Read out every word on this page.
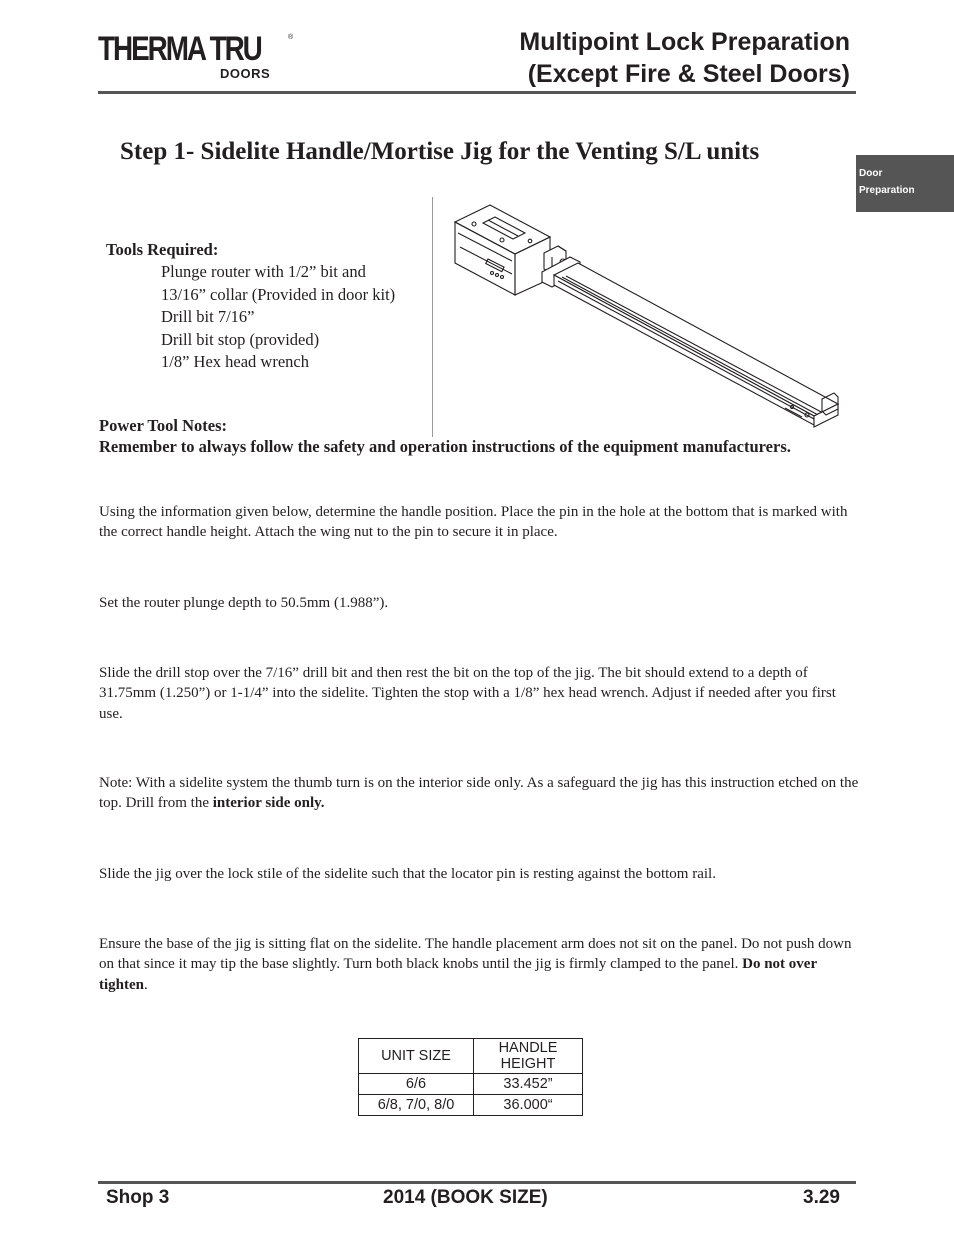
THERMA TRU	®
DOORS
Multipoint Lock Preparation
(Except Fire & Steel Doors)
Door
Preparation
Step 1- Sidelite Handle/Mortise Jig for the Venting S/L units
Tools Required:
Plunge router with 1/2” bit and
13/16” collar (Provided in door kit)
Drill bit 7/16”
Drill bit stop (provided)
1/8” Hex head wrench
Power Tool Notes:
Remember to always follow the safety and operation instructions of the equipment manufacturers.
Using the information given below, determine the handle position. Place the pin in the hole at the bottom that is marked with the correct handle height. Attach the wing nut to the pin to secure it in place.
Set the router plunge depth to 50.5mm (1.988”).
Slide the drill stop over the 7/16” drill bit and then rest the bit on the top of the jig. The bit should extend to a depth of 31.75mm (1.250”) or 1-1/4” into the sidelite. Tighten the stop with a 1/8” hex head wrench. Adjust if needed after you first use.
Note: With a sidelite system the thumb turn is on the interior side only. As a safeguard the jig has this instruction etched on the top. Drill from the interior side only.
Slide the jig over the lock stile of the sidelite such that the locator pin is resting against the bottom rail.
Ensure the base of the jig is sitting flat on the sidelite. The handle placement arm does not sit on the panel. Do not push down on that since it may tip the base slightly. Turn both black knobs until the jig is firmly clamped to the panel. Do not over tighten.
UNIT SIZE	HANDLE HEIGHT
6/6	33.452”
6/8, 7/0, 8/0	36.000“
Shop 3	2014 (BOOK SIZE)	3.29
